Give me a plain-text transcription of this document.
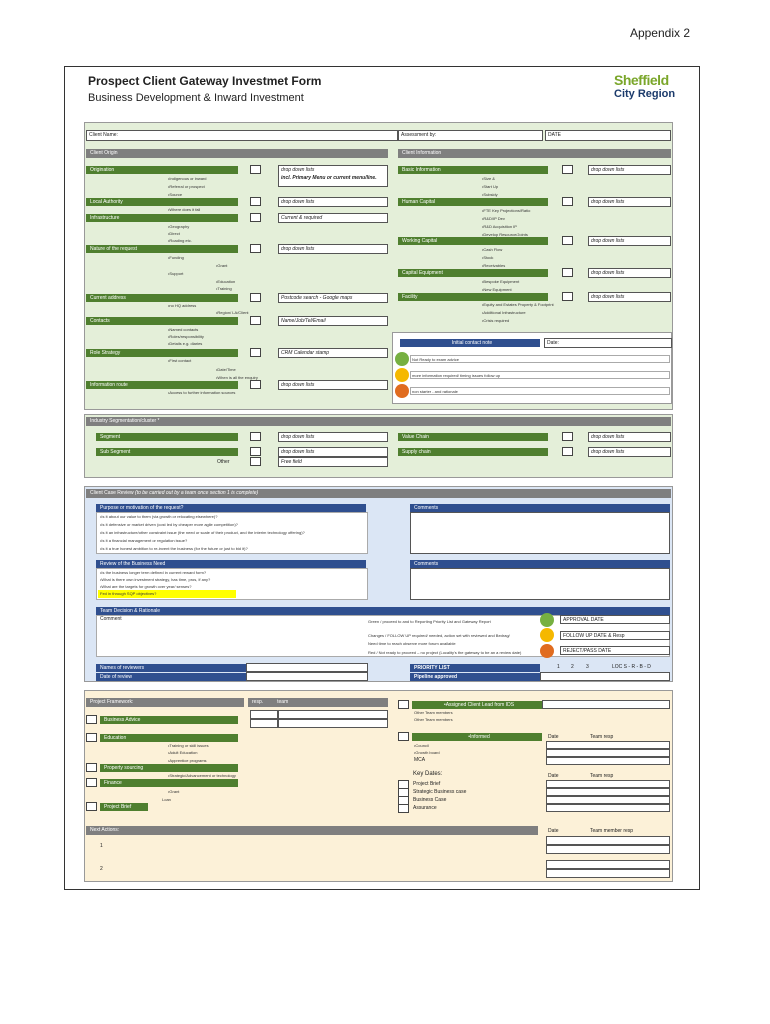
Appendix 2
Prospect Client Gateway Investmet Form
Business Development & Inward Investment
Sheffield
City Region
Client Name:	Assessment by:	DATE
Client Origin	Client Information
Origination	drop down lists
incl. Primary Menu or current menu/line.
•Indigenous or inward
•Referral or prospect
•Source
Local Authority	drop down lists
•Where does it fall
Infrastructure	Current & required
•Geography
•Direct
•Roading etc.
Nature of the request	drop down lists
•Funding
•Grant
•Support
•Education
•Training
Current address	Postcode search - Google maps
•no HQ address
•Region/ LA/Client
Contacts	Name/Job/Tel/Email
•Named contacts
•Roles/responsibility
•Details e.g. diaries
Role Strategy	CRM Calendar stamp
•First contact
•Date/Time
•When is all the enquiry
Information route	drop down lists
•Access to further information sources
Basic Information	drop down lists
•Size &
•Start Up
•Subsidy
Human Capital	drop down lists
•FTE Key Projections/Ratio
•R&D/IP Dev
•R&D Acquisition IP
•Develop Resource/Joints
Working Capital	drop down lists
•Cash Flow
•Stock
•Receivables
Capital Equipment	drop down lists
•Bespoke Equipment
•New Equipment
Facility	drop down lists
•Equity and Estates Property & Footprint
•Additional Infrastructure
•Crisis required
Initial contact note	Date:
Not Ready to exam advice
more information required/ timing issues follow up
non starter - and rationale
Industry Segmentation/cluster *
Segment	drop down lists
Sub Segment	drop down lists
Other	Free field
Value Chain	drop down lists
Supply chain	drop down lists
Client Case Review (to be carried out by a team once section 1 is complete)
Purpose or motivation of the request?
•Is it about our value to them (via growth or relocating elsewhere)?
•Is it defensive or market driven (cost led by cheaper more agile competition)?
•Is it an infrastructure/other constraint issue (the need or scale of their product, and the interim technology offering)?
•Is it a financial management or regulation issue?
•Is it a true honest ambition to re-invent the business (for the future or just to bid it)?
Comments
Review of the Business Need
•Is the business longer term defined in current reward form?
•What is there own investment strategy, has time, pros, if any?
•What are the targets for growth over year/ senses?
Fed in through SQP objectives?
Comments
Team Decision & Rationale
Comment	Green / proceed to and to Reporting Priority List and Gateway Report
Changes / FOLLOW UP required/ needed, action set with reviewed and Bedrag/
Need time to reach observe more forum available
Red / Not ready to proceed – no project (Locality's the gateway to be an a review date)
APPROVAL DATE
FOLLOW UP DATE & Resp
REJECT/PASS DATE
Names of reviewers
Date of review
PRIORITY LIST
Pipeline approved
1 2 3	LOC S - R - B - D
Project Framework:	resp.	team
Business Advice
Education
•Training or skill issues
•Adult Education
•Apprentice programs
Property sourcing
•Strategic/Advancement or technology
Finance
•Grant
Loan
Project Brief
•Assigned Client Lead from IDS
Other Team members
Other Team members
•Informed	Date	Team resp
•Council
•Growth board
MCA
Key Dates:	Date	Team resp
Project Brief
Strategic Business case
Business Case
Assurance
Next Actions:	Date	Team member resp
1
2
